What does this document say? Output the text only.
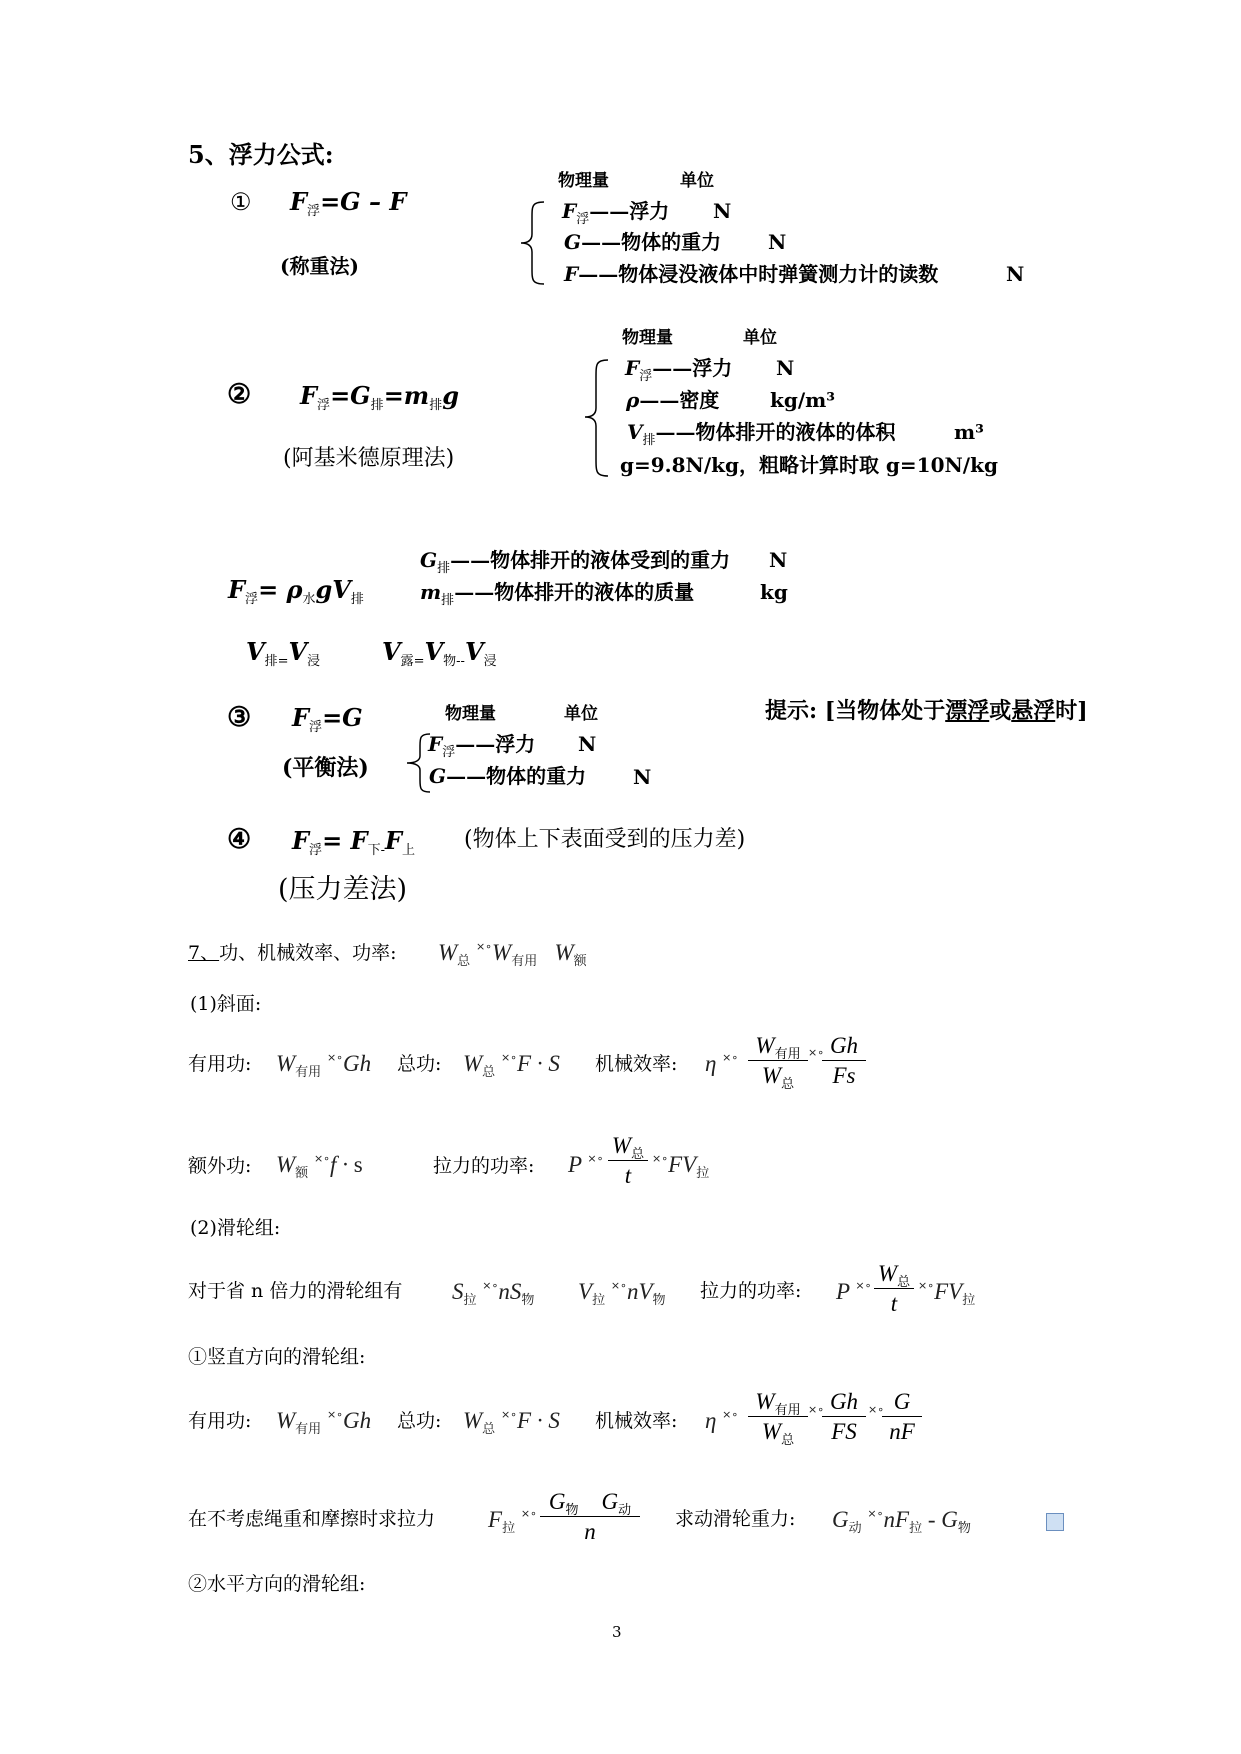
5、浮力公式:
① $F_浮=G - F$
(称重法)
物理量	单位
$F_浮——$浮力 N
G——物体的重力 N
F——物体浸没液体中时弹簧测力计的读数	N
② $F_浮=G_排=m_排g$
(阿基米德原理法)
物理量	单位
$F_浮——$浮力 N
ρ——密度	kg/m³
$V_排——$物体排开的液体的体积	m³
g=9.8N/kg，粗略计算时取 g=10N/kg
$G_排——$物体排开的液体受到的重力 N
$m_排——$物体排开的液体的质量	kg
$F_浮= \rho_水gV_排$
$V_{排=}V_浸$	$V_{露=}V_{物--}V_浸$
③ $F_浮=G$
(平衡法)
物理量	单位
$F_浮——$浮力 N
G——物体的重力 N
提示: [当物体处于漂浮或悬浮时]
④ $F_浮= F_{下-}F_上$ (物体上下表面受到的压力差)
(压力差法)
7、功、机械效率、功率: $W_总$ $^{\times\circ}W_{有用}$ $W_额$
(1)斜面:
有用功: $W_{有用}$ ×∘Gh 总功: $W_总$ ×∘F · S 机械效率: η ×∘ $W_{有用}$
$W_总$
×∘ Gh
Fs
额外功: $W_额$ ×∘f · s	拉力的功率: P ×∘
$W_总$
t
$^{\times\circ}FV_拉$
(2)滑轮组:
对于省 n 倍力的滑轮组有 $S_拉$ $^{\times\circ}nS_物$ $V_拉$ $^{\times\circ}nV_物$ 拉力的功率: P ×∘ $W_总$
t
$^{\times\circ}FV_拉$
①竖直方向的滑轮组:
有用功: $W_{有用}$ ×∘Gh 总功: $W_总$ ×∘F · S 机械效率: η ×∘
$W_{有用}$
$W_总$
×∘ Gh
FS
×∘ G
nF
在不考虑绳重和摩擦时求拉力 $F_拉$ ×∘ $G_物$ $G_动$
n	求动滑轮重力: $G_动$ $^{\times\circ}nF_拉 - G_物$
②水平方向的滑轮组:
3
